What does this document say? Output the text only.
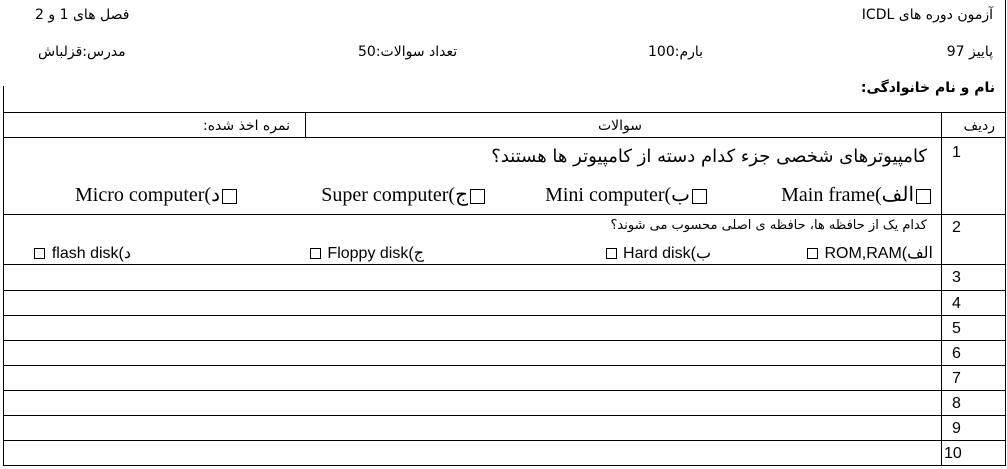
آزمون دوره های ICDL
فصل های 1 و 2
پاییز 97
بارم:100
تعداد سوالات:50
مدرس:قزلباش
نام و نام خانوادگی:
ردیف
سوالات
نمره اخذ شده:
1
کامپیوترهای شخصی جزء کدام دسته از کامپیوتر ها هستند؟
الف)Main frame
ب)Mini computer
ج)Super computer
د)Micro computer
2
کدام یک از حافظه ها، حافظه ی اصلی محسوب می شوند؟
الف)ROM,RAM
ب)Hard disk
ج)Floppy disk
د)flash disk
3
4
5
6
7
8
9
10
